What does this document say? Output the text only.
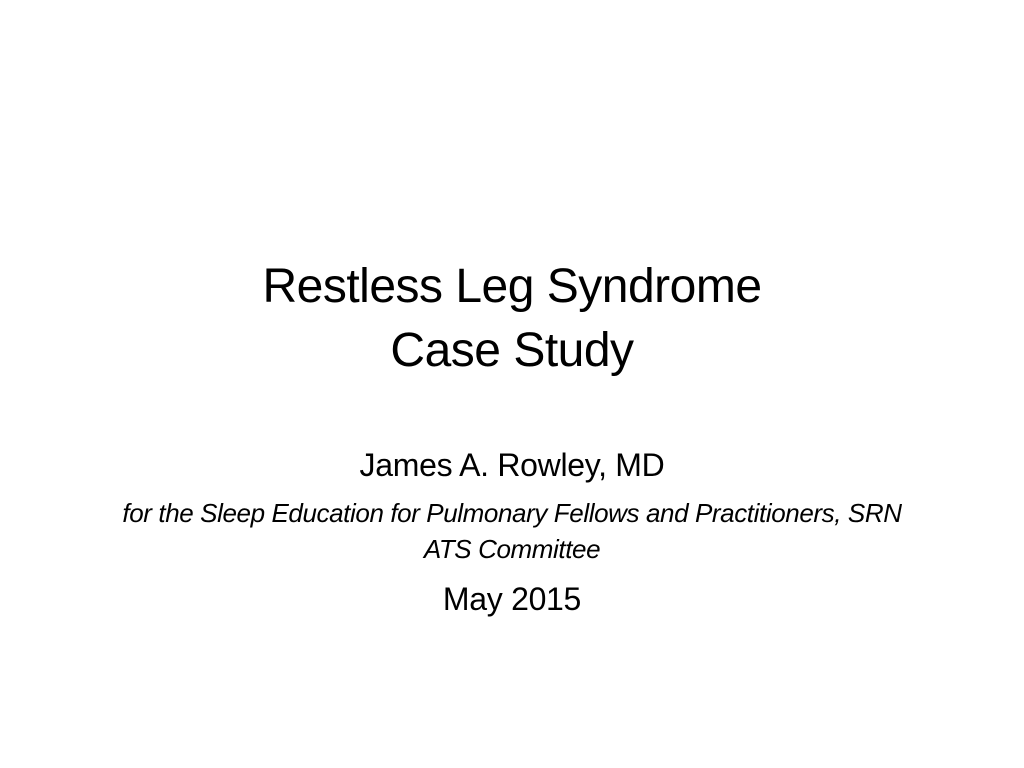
Restless Leg Syndrome
Case Study
James A. Rowley, MD
for the Sleep Education for Pulmonary Fellows and Practitioners, SRN ATS Committee
May 2015
